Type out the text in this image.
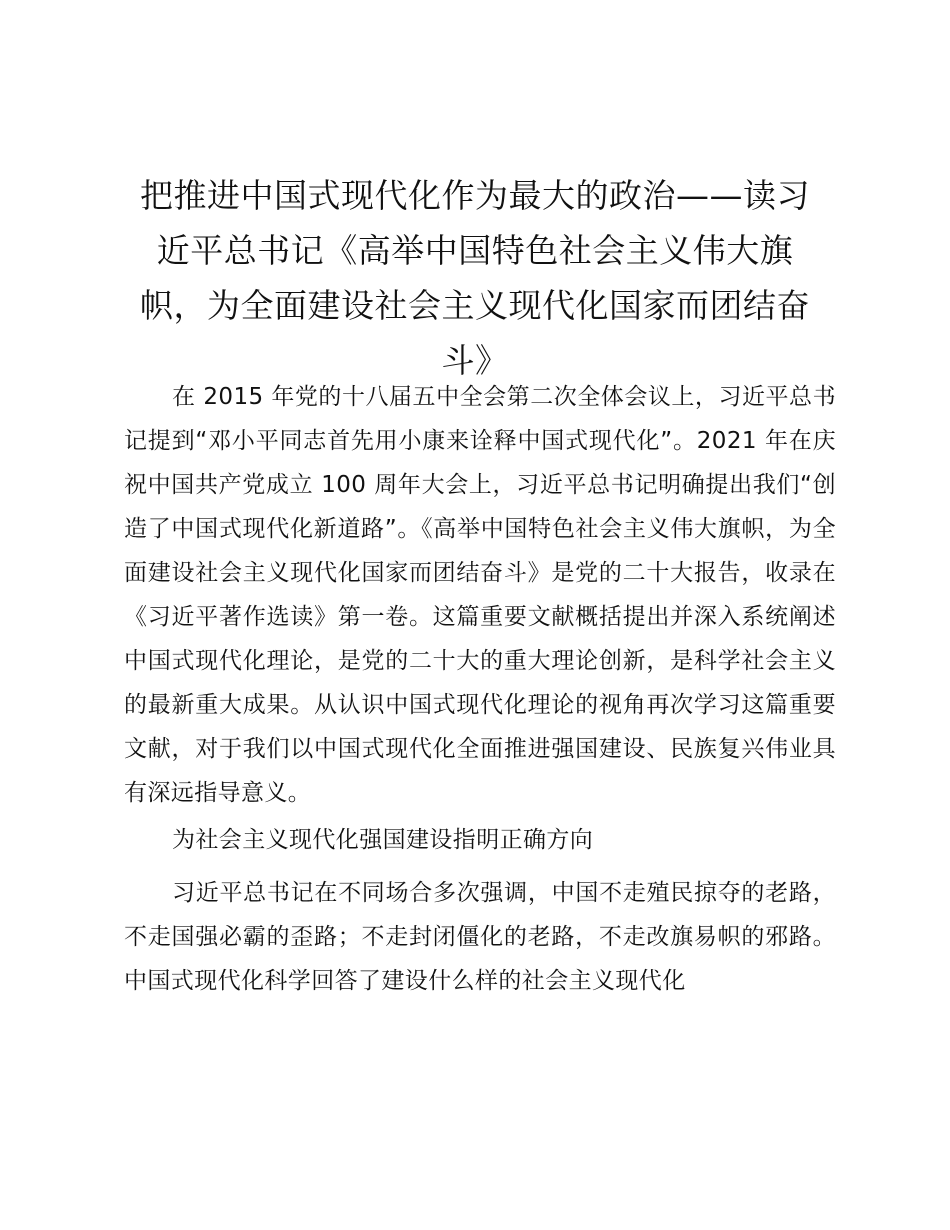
把推进中国式现代化作为最大的政治——读习近平总书记《高举中国特色社会主义伟大旗帜，为全面建设社会主义现代化国家而团结奋斗》

在 2015 年党的十八届五中全会第二次全体会议上，习近平总书记提到“邓小平同志首先用小康来诠释中国式现代化”。2021 年在庆祝中国共产党成立 100 周年大会上，习近平总书记明确提出我们“创造了中国式现代化新道路”。《高举中国特色社会主义伟大旗帜，为全面建设社会主义现代化国家而团结奋斗》是党的二十大报告，收录在《习近平著作选读》第一卷。这篇重要文献概括提出并深入系统阐述中国式现代化理论，是党的二十大的重大理论创新，是科学社会主义的最新重大成果。从认识中国式现代化理论的视角再次学习这篇重要文献，对于我们以中国式现代化全面推进强国建设、民族复兴伟业具有深远指导意义。

为社会主义现代化强国建设指明正确方向

习近平总书记在不同场合多次强调，中国不走殖民掠夺的老路，不走国强必霸的歪路；不走封闭僵化的老路，不走改旗易帜的邪路。中国式现代化科学回答了建设什么样的社会主义现代化
